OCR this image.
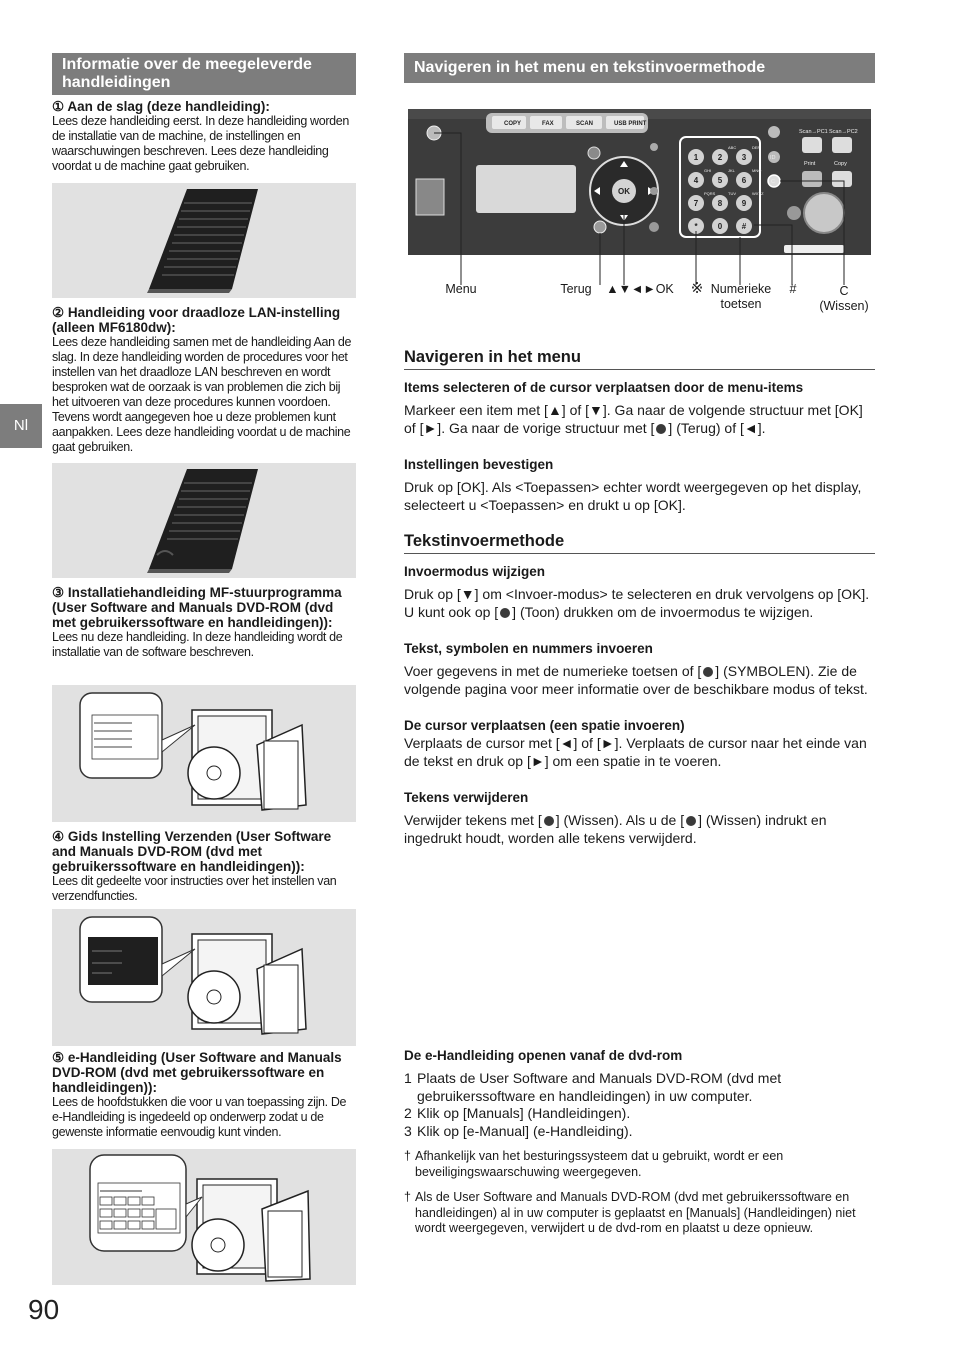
Informatie over de meegeleverde handleidingen
① Aan de slag (deze handleiding):
Lees deze handleiding eerst. In deze handleiding worden de installatie van de machine, de instellingen en waarschuwingen beschreven. Lees deze handleiding voordat u de machine gaat gebruiken.
② Handleiding voor draadloze LAN-instelling (alleen MF6180dw):
Lees deze handleiding samen met de handleiding Aan de slag. In deze handleiding worden de procedures voor het instellen van het draadloze LAN beschreven en wordt besproken wat de oorzaak is van problemen die zich bij het uitvoeren van deze procedures kunnen voordoen. Tevens wordt aangegeven hoe u deze problemen kunt aanpakken. Lees deze handleiding voordat u de machine gaat gebruiken.
③ Installatiehandleiding MF-stuurprogramma (User Software and Manuals DVD-ROM (dvd met gebruikerssoftware en handleidingen)):
Lees nu deze handleiding. In deze handleiding wordt de installatie van de software beschreven.
④ Gids Instelling Verzenden (User Software and Manuals DVD-ROM (dvd met gebruikerssoftware en handleidingen)):
Lees dit gedeelte voor instructies over het instellen van verzendfuncties.
⑤ e-Handleiding (User Software and Manuals DVD-ROM (dvd met gebruikerssoftware en handleidingen)):
Lees de hoofdstukken die voor u van toepassing zijn. De e-Handleiding is ingedeeld op onderwerp zodat u de gewenste informatie eenvoudig kunt vinden.
Nl
90
Navigeren in het menu en tekstinvoermethode
COPY	FAX	SCAN	USB PRINT
OK
1 2
ABC
3
DEF
4
GHI
5
JKL
6
MNO
7
PQRS
8
TUV
9
WXYZ
*	0 #
Scan→PC1 Scan→PC2
ID
C
Print	Copy
Menu	Terug	▲▼◄►OK	※ Numerieke toetsen
#	C (Wissen)
Navigeren in het menu
Items selecteren of de cursor verplaatsen door de menu-items
Markeer een item met [▲] of [▼]. Ga naar de volgende structuur met [OK] of [►]. Ga naar de vorige structuur met [ ] (Terug) of [◄].
Instellingen bevestigen
Druk op [OK]. Als <Toepassen> echter wordt weergegeven op het display, selecteert u <Toepassen> en drukt u op [OK].
Tekstinvoermethode
Invoermodus wijzigen
Druk op [▼] om <Invoer-modus> te selecteren en druk vervolgens op [OK]. U kunt ook op [ ] (Toon) drukken om de invoermodus te wijzigen.
Tekst, symbolen en nummers invoeren
Voer gegevens in met de numerieke toetsen of [ ] (SYMBOLEN). Zie de volgende pagina voor meer informatie over de beschikbare modus of tekst.
De cursor verplaatsen (een spatie invoeren)
Verplaats de cursor met [◄] of [►]. Verplaats de cursor naar het einde van de tekst en druk op [►] om een spatie in te voeren.
Tekens verwijderen
Verwijder tekens met [ ] (Wissen). Als u de [ ] (Wissen) indrukt en ingedrukt houdt, worden alle tekens verwijderd.
De e-Handleiding openen vanaf de dvd-rom
1 Plaats de User Software and Manuals DVD-ROM (dvd met gebruikerssoftware en handleidingen) in uw computer.
2 Klik op [Manuals] (Handleidingen).
3 Klik op [e-Manual] (e-Handleiding).
† Afhankelijk van het besturingssysteem dat u gebruikt, wordt er een beveiligingswaarschuwing weergegeven.
† Als de User Software and Manuals DVD-ROM (dvd met gebruikerssoftware en handleidingen) al in uw computer is geplaatst en [Manuals] (Handleidingen) niet wordt weergegeven, verwijdert u de dvd-rom en plaatst u deze opnieuw.
